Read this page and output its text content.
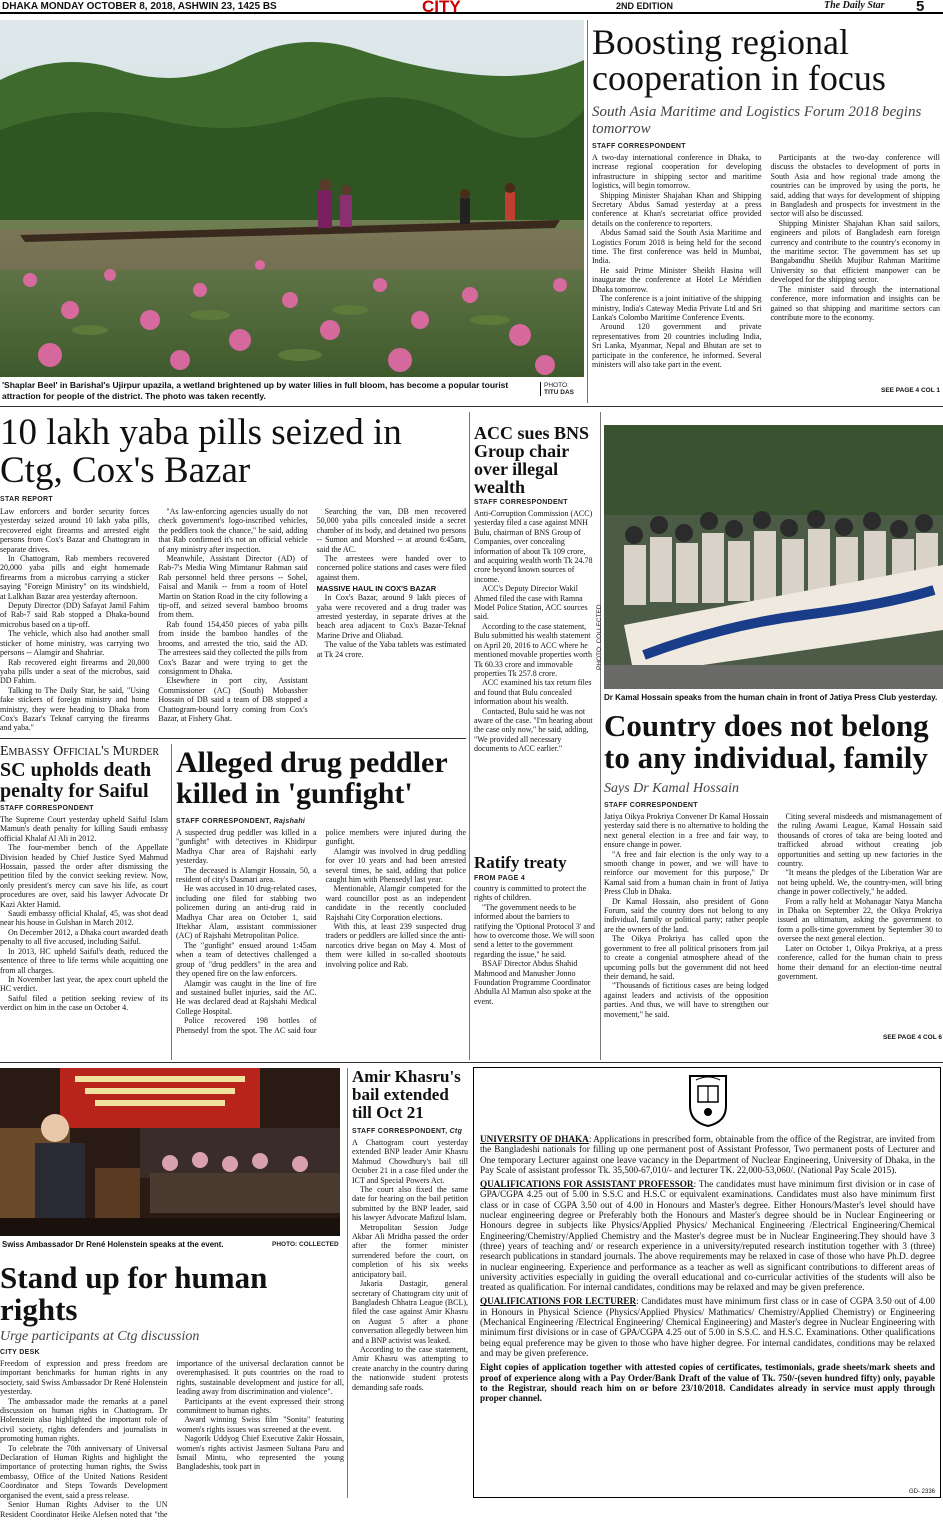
DHAKA MONDAY OCTOBER 8, 2018, ASHWIN 23, 1425 BS	CITY	2ND EDITION	The Daily Star 5
'Shaplar Beel' in Barishal's Ujirpur upazila, a wetland brightened up by water lilies in full bloom, has become a popular tourist attraction for people of the district. The photo was taken recently.
PHOTO:
TITU DAS
Boosting regional cooperation in focus
South Asia Maritime and Logistics Forum 2018 begins tomorrow
STAFF CORRESPONDENT

A two-day international conference in Dhaka, to increase regional cooperation for developing infrastructure in shipping sector and maritime logistics, will begin tomorrow.

Shipping Minister Shajahan Khan and Shipping Secretary Abdus Samad yesterday at a press conference at Khan's secretariat office provided details on the conference to reporters.

Abdus Samad said the South Asia Maritime and Logistics Forum 2018 is being held for the second time. The first conference was held in Mumbai, India.

He said Prime Minister Sheikh Hasina will inaugurate the conference at Hotel Le Méridien Dhaka tomorrow.

The conference is a joint initiative of the shipping ministry, India's Cateway Media Private Ltd and Sri Lanka's Colombo Maritime Conference Events.

Around 120 government and private representatives from 20 countries including India, Sri Lanka, Myanmar, Nepal and Bhutan are set to participate in the conference, he informed. Several ministers will also take part in the event.

Participants at the two-day conference will discuss the obstacles to development of ports in South Asia and how regional trade among the countries can be improved by using the ports, he said, adding that ways for development of shipping in Bangladesh and prospects for investment in the sector will also be discussed.

Shipping Minister Shajahan Khan said sailors, engineers and pilots of Bangladesh earn foreign currency and contribute to the country's economy in the maritime sector. The government has set up Bangabandhu Sheikh Mujibur Rahman Maritime University so that efficient manpower can be developed for the shipping sector.

The minister said through the international conference, more information and insights can be gained so that shipping and maritime sectors can contribute more to the economy.

SEE PAGE 4 COL 1
10 lakh yaba pills seized in Ctg, Cox's Bazar
STAR REPORT

Law enforcers and border security forces yesterday seized around 10 lakh yaba pills, recovered eight firearms and arrested eight persons from Cox's Bazar and Chattogram in separate drives.

In Chattogram, Rab members recovered 20,000 yaba pills and eight homemade firearms from a microbus carrying a sticker saying "Foreign Ministry" on its windshield, at Lalkhan Bazar area yesterday afternoon.

Deputy Director (DD) Safayat Jamil Fahim of Rab-7 said Rab stopped a Dhaka-bound microbus based on a tip-off.

The vehicle, which also had another small sticker of home ministry, was carrying two persons -- Alamgir and Shahriar.

Rab recovered eight firearms and 20,000 yaba pills under a seat of the microbus, said DD Fahim.

Talking to The Daily Star, he said, "Using fake stickers of foreign ministry and home ministry, they were heading to Dhaka from Cox's Bazar's Teknaf carrying the firearms and yaba."

"As law-enforcing agencies usually do not check government's logo-inscribed vehicles, the peddlers took the chance," he said, adding that Rab confirmed it's not an official vehicle of any ministry after inspection.

Meanwhile, Assistant Director (AD) of Rab-7's Media Wing Mimtanur Rahman said Rab personnel held three persons -- Sohel, Faisal and Manik -- from a room of Hotel Martin on Station Road in the city following a tip-off, and seized several bamboo brooms from them.

Rab found 154,450 pieces of yaba pills from inside the bamboo handles of the brooms, and arrested the trio, said the AD. The arrestees said they collected the pills from Cox's Bazar and were trying to get the consignment to Dhaka.

Elsewhere in port city, Assistant Commissioner (AC) (South) Mobassher Hossain of DB said a team of DB stopped a Chattogram-bound lorry coming from Cox's Bazar, at Fishery Ghat.

Searching the van, DB men recovered 50,000 yaba pills concealed inside a secret chamber of its body, and detained two persons -- Sumon and Morshed -- at around 6:45am, said the AC.

The arrestees were handed over to concerned police stations and cases were filed against them.

MASSIVE HAUL IN COX'S BAZAR

In Cox's Bazar, around 9 lakh pieces of yaba were recovered and a drug trader was arrested yesterday, in separate drives at the beach area adjacent to Cox's Bazar-Teknaf Marine Drive and Oliabad.

The value of the Yaba tablets was estimated at Tk 24 crore.

ACC sues BNS Group chair over illegal wealth
STAFF CORRESPONDENT

Anti-Corruption Commission (ACC) yesterday filed a case against MNH Bulu, chairman of BNS Group of Companies, over concealing information of about Tk 109 crore, and acquiring wealth worth Tk 24.78 crore beyond known sources of income.

ACC's Deputy Director Wakil Ahmed filed the case with Ramna Model Police Station, ACC sources said.

According to the case statement, Bulu submitted his wealth statement on April 20, 2016 to ACC where he mentioned movable properties worth Tk 60.33 crore and immovable properties Tk 257.8 crore.

ACC examined his tax return files and found that Bulu concealed information about his wealth.

Contacted, Bulu said he was not aware of the case. "I'm hearing about the case only now," he said, adding, "We provided all necessary documents to ACC earlier."

Ratify treaty
FROM PAGE 4

country is committed to protect the rights of children.

"The government needs to be informed about the barriers to ratifying the 'Optional Protocol 3' and how to overcome those. We will soon send a letter to the government regarding the issue," he said.

BSAF Director Abdus Shahid Mahmood and Manusher Jonno Foundation Programme Coordinator Abdulla Al Mamun also spoke at the event.

PHOTO: COLLECTED
Dr Kamal Hossain speaks from the human chain in front of Jatiya Press Club yesterday.
Country does not belong to any individual, family
Says Dr Kamal Hossain
STAFF CORRESPONDENT

Jatiya Oikya Prokriya Convener Dr Kamal Hossain yesterday said there is no alternative to holding the next general election in a free and fair way, to ensure change in power.

"A free and fair election is the only way to a smooth change in power, and we will have to reinforce our movement for this purpose," Dr Kamal said from a human chain in front of Jatiya Press Club in Dhaka.

Dr Kamal Hossain, also president of Gono Forum, said the country does not belong to any individual, family or political party; rather people are the owners of the land.

The Oikya Prokriya has called upon the government to free all political prisoners from jail to create a congenial atmosphere ahead of the upcoming polls but the government did not heed their demand, he said.

"Thousands of fictitious cases are being lodged against leaders and activists of the opposition parties. And thus, we will have to strengthen our movement," he said.

Citing several misdeeds and mismanagement of the ruling Awami League, Kamal Hossain said thousands of crores of taka are being looted and trafficked abroad without creating job opportunities and setting up new factories in the country.

"It means the pledges of the Liberation War are not being upheld. We, the country-men, will bring change in power collectively," he added.

From a rally held at Mohanagar Natya Mancha in Dhaka on September 22, the Oikya Prokriya issued an ultimatum, asking the government to form a polls-time government by September 30 to oversee the next general election.

Later on October 1, Oikya Prokriya, at a press conference, called for the human chain to press home their demand for an election-time neutral government.

SEE PAGE 4 COL 6
Embassy Official's Murder
SC upholds death penalty for Saiful
STAFF CORRESPONDENT

The Supreme Court yesterday upheld Saiful Islam Mamun's death penalty for killing Saudi embassy official Khalaf Al Ali in 2012.

The four-member bench of the Appellate Division headed by Chief Justice Syed Mahmud Hossain, passed the order after dismissing the petition filed by the convict seeking review. Now, only president's mercy can save his life, as court procedures are over, said his lawyer Advocate Dr Kazi Akter Hamid.

Saudi embassy official Khalaf, 45, was shot dead near his house in Gulshan in March 2012.

On December 2012, a Dhaka court awarded death penalty to all five accused, including Saiful.

In 2013, HC upheld Saiful's death, reduced the sentence of three to life terms while acquitting one from all charges.

In November last year, the apex court upheld the HC verdict.

Saiful filed a petition seeking review of its verdict on him in the case on October 4.

Alleged drug peddler killed in 'gunfight'
STAFF CORRESPONDENT, Rajshahi

A suspected drug peddler was killed in a "gunfight" with detectives in Khidirpur Madhya Char area of Rajshahi early yesterday.

The deceased is Alamgir Hossain, 50, a resident of city's Dasmari area.

He was accused in 10 drug-related cases, including one filed for stabbing two policemen during an anti-drug raid in Madhya Char area on October 1, said Iftekhar Alam, assistant commissioner (AC) of Rajshahi Metropolitan Police.

The "gunfight" ensued around 1:45am when a team of detectives challenged a group of "drug peddlers" in the area and they opened fire on the law enforcers.

Alamgir was caught in the line of fire and sustained bullet injuries, said the AC. He was declared dead at Rajshahi Medical College Hospital.

Police recovered 198 bottles of Phensedyl from the spot. The AC said four police members were injured during the gunfight.

Alamgir was involved in drug peddling for over 10 years and had been arrested several times, he said, adding that police caught him with Phensedyl last year.

Mentionable, Alamgir competed for the ward councillor post as an independent candidate in the recently concluded Rajshahi City Corporation elections.

With this, at least 239 suspected drug traders or peddlers are killed since the anti-narcotics drive began on May 4. Most of them were killed in so-called shootouts involving police and Rab.

Swiss Ambassador Dr René Holenstein speaks at the event.	PHOTO: COLLECTED
Stand up for human rights
Urge participants at Ctg discussion
CITY DESK

Freedom of expression and press freedom are important benchmarks for human rights in any society, said Swiss Ambassador Dr René Holenstein yesterday.

The ambassador made the remarks at a panel discussion on human rights in Chattogram. Dr Holenstein also highlighted the important role of civil society, rights defenders and journalists in promoting human rights.

To celebrate the 70th anniversary of Universal Declaration of Human Rights and highlight the importance of protecting human rights, the Swiss embassy, Office of the United Nations Resident Coordinator and Steps Towards Development organised the event, said a press release.

Senior Human Rights Adviser to the UN Resident Coordinator Heike Alefsen noted that "the importance of the universal declaration cannot be overemphasised. It puts countries on the road to rights, sustainable development and justice for all, leading away from discrimination and violence".

Participants at the event expressed their strong commitment to human rights.

Award winning Swiss film "Sonita" featuring women's rights issues was screened at the event.

Nagorik Uddyog Chief Executive Zakir Hossain, women's rights activist Jasmeen Sultana Paru and Ismail Mintu, who represented the young Bangladeshis, took part in

Amir Khasru's bail extended till Oct 21
STAFF CORRESPONDENT, Ctg

A Chattogram court yesterday extended BNP leader Amir Khasru Mahmud Chowdhury's bail till October 21 in a case filed under the ICT and Special Powers Act.

The court also fixed the same date for hearing on the bail petition submitted by the BNP leader, said his lawyer Advocate Mafizul Islam.

Metropolitan Session Judge Akbar Ali Mridha passed the order after the former minister surrendered before the court, on completion of his six weeks anticipatory bail.

Jakaria Dastagir, general secretary of Chattogram city unit of Bangladesh Chhatra League (BCL), filed the case against Amir Khasru on August 5 after a phone conversation allegedly between him and a BNP activist was leaked.

According to the case statement, Amir Khasru was attempting to create anarchy in the country during the nationwide student protests demanding safe roads.

UNIVERSITY OF DHAKA: Applications in prescribed form, obtainable from the office of the Registrar, are invited from the Bangladeshi nationals for filling up one permanent post of Assistant Professor, Two permanent posts of Lecturer and One temporary Lecturer against one leave vacancy in the Department of Nuclear Engineering, University of Dhaka, in the Pay Scale of assistant professor Tk. 35,500-67,010/- and lecturer TK. 22,000-53,060/. (National Pay Scale 2015).

QUALIFICATIONS FOR ASSISTANT PROFESSOR: The candidates must have minimum first division or in case of GPA/CGPA 4.25 out of 5.00 in S.S.C and H.S.C or equivalent examinations. Candidates must also have minimum first class or in case of CGPA 3.50 out of 4.00 in Honours and Master's degree. Either Honours/Master's level should have nuclear engineering degree or Preferably both the Honours and Master's degree should be in Nuclear Engineering or Honours degree in subjects like Physics/Applied Physics/ Mechanical Engineering /Electrical Engineering/Chemical Engineering/Chemistry/Applied Chemistry and the Master's degree must be in Nuclear Engineering.They should have 3 (three) years of teaching and/ or research experience in a university/reputed research institution together with 3 (three) research publications in standard journals. The above requirements may be relaxed in case of those who have Ph.D. degree in nuclear engineering. Experience and performance as a teacher as well as significant contributions to different areas of university activities especially in guiding the overall educational and co-curricular activities of the students will also be treated as qualification. For internal candidates, conditions may be relaxed and may be given preference.

QUALIFICATIONS FOR LECTURER: Candidates must have minimum first class or in case of CGPA 3.50 out of 4.00 in Honours in Physical Science (Physics/Applied Physics/ Mathmatics/ Chemistry/Applied Chemistry) or Engineering (Mechanical Engineering /Electrical Engineering/ Chemical Engineering) and Master's degree in Nuclear Engineering with minimum first divisions or in case of GPA/CGPA 4.25 out of 5.00 in S.S.C. and H.S.C. Examinations. Other qualifications being equal preference may be given to those who have higher degree. For internal candidates, conditions may be relaxed and may be given preference.

Eight copies of application together with attested copies of certificates, testimonials, grade sheets/mark sheets and proof of experience along with a Pay Order/Bank Draft of the value of Tk. 750/-(seven hundred fifty) only, payable to the Registrar, should reach him on or before 23/10/2018. Candidates already in service must apply through proper channel.

GD- 2336
